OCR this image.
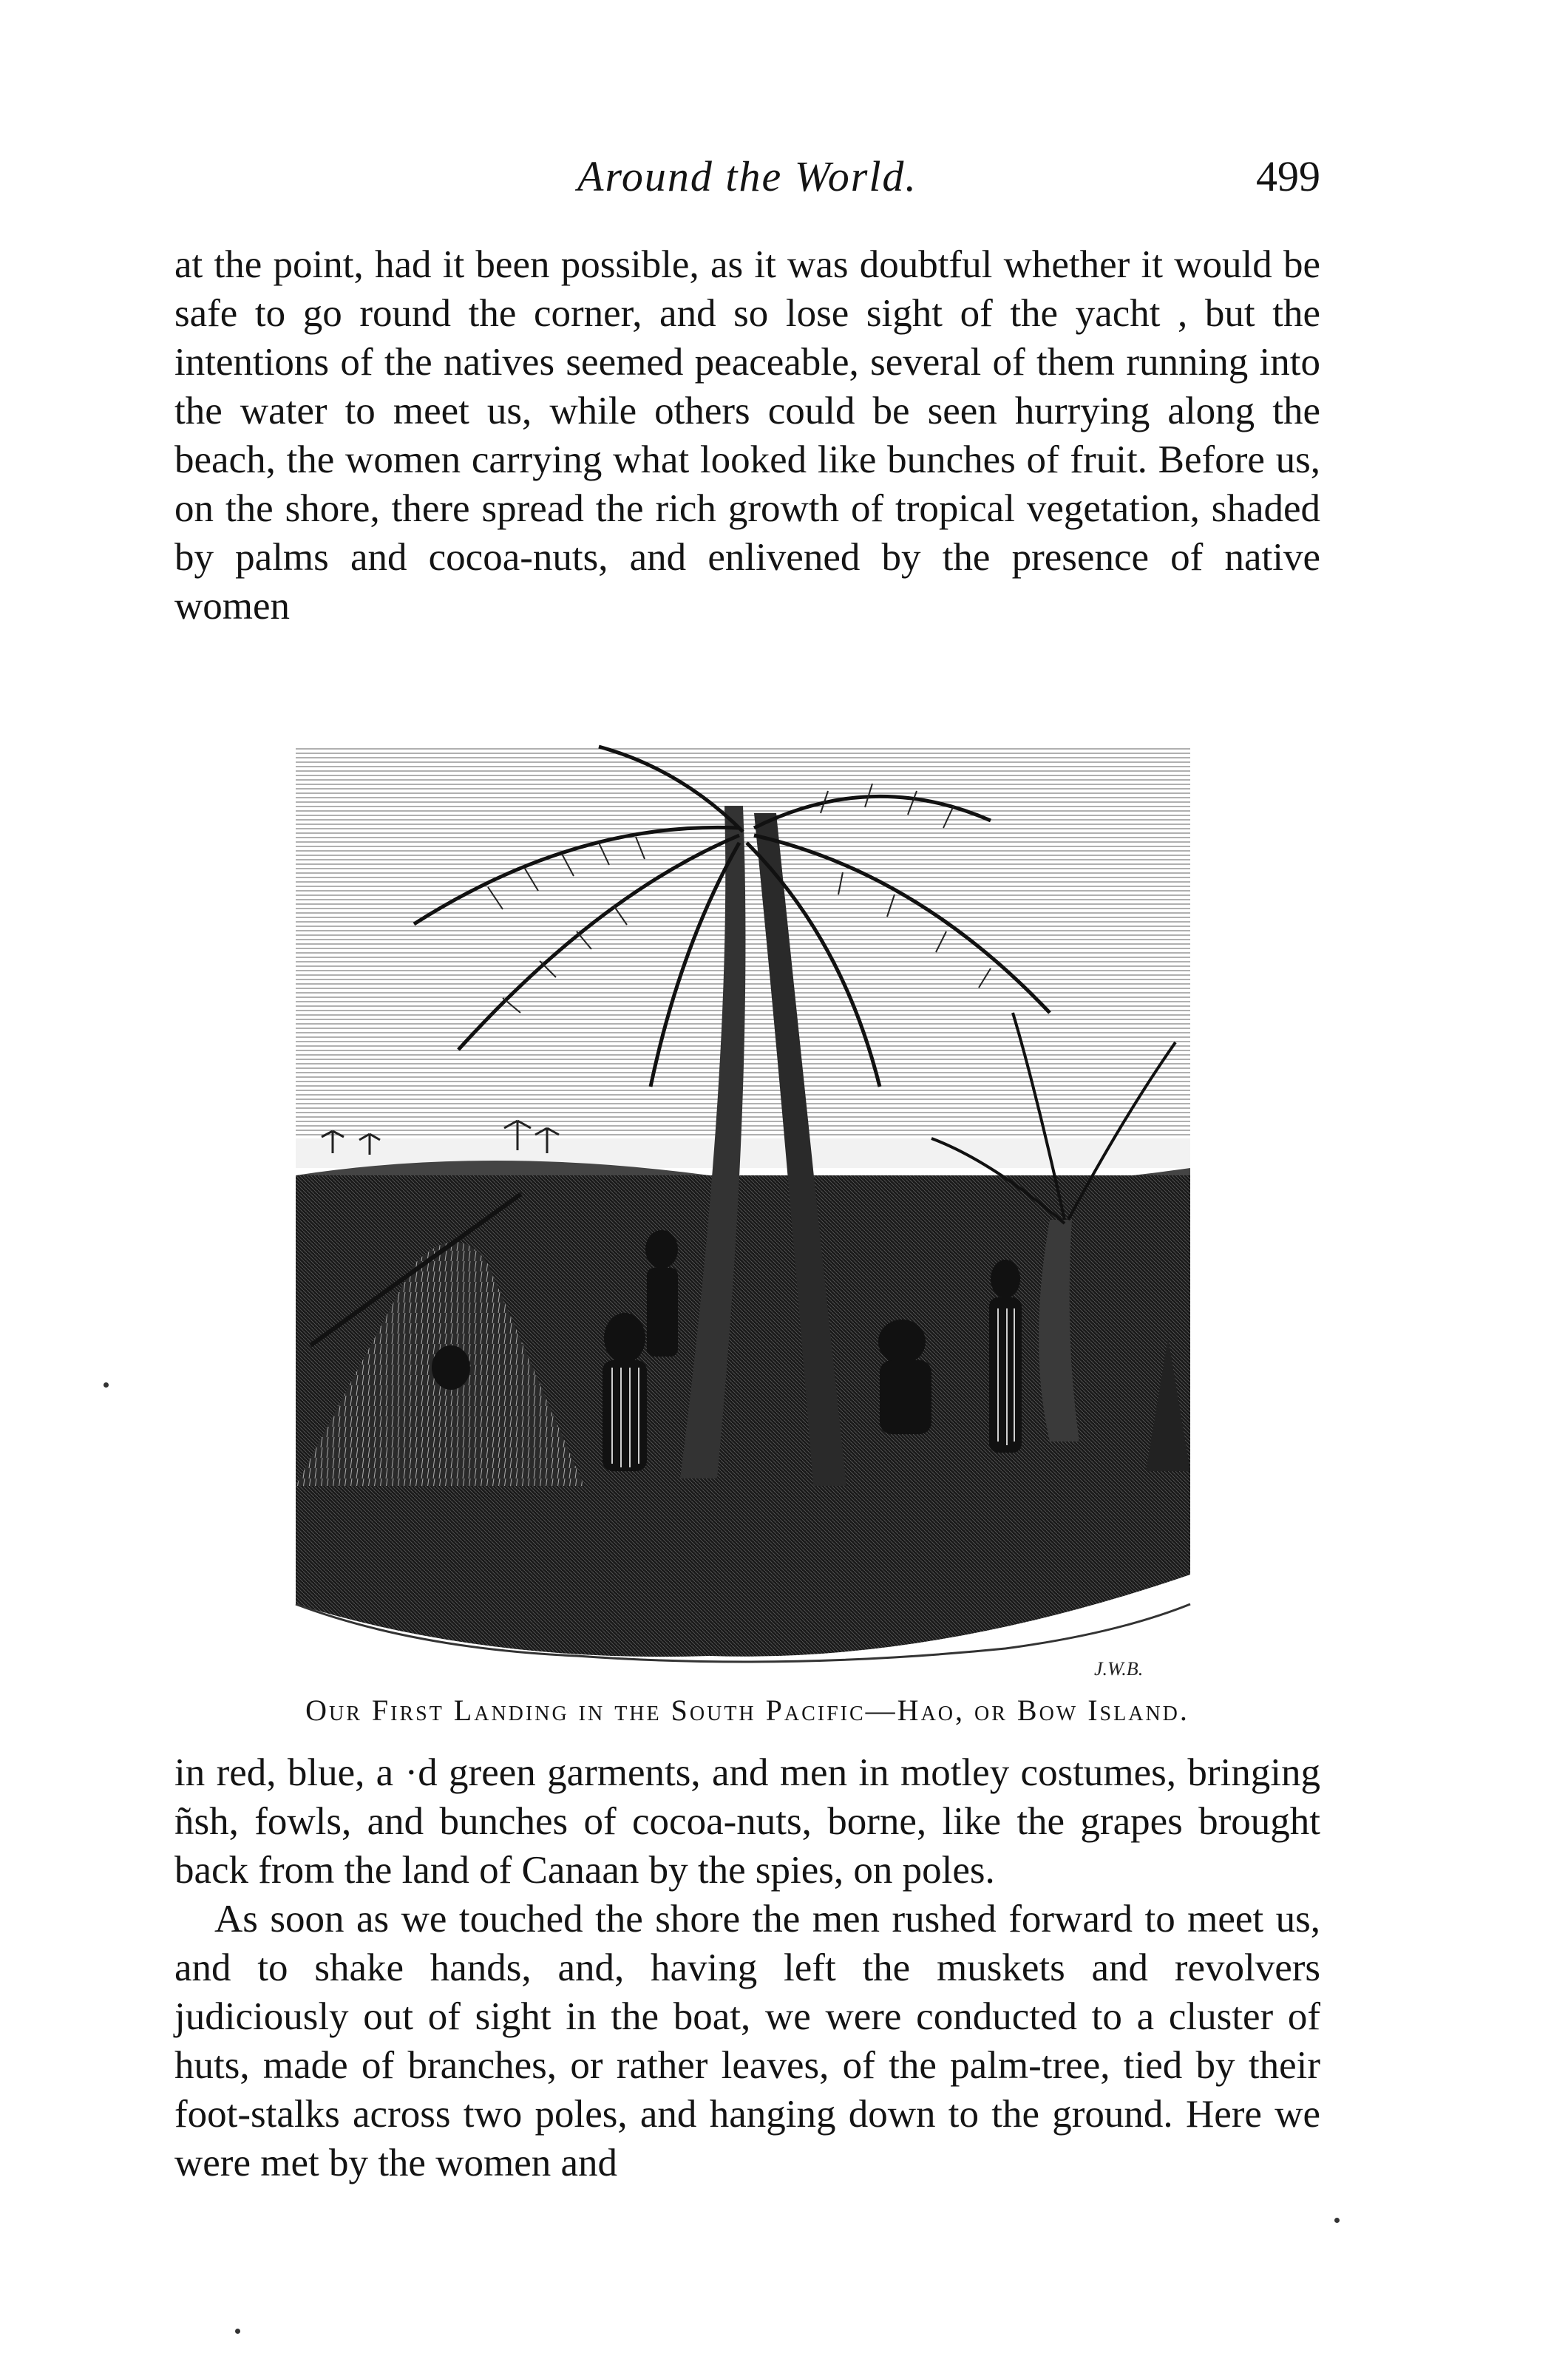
Around the World.	499

at the point, had it been possible, as it was doubtful whether it would be safe to go round the corner, and so lose sight of the yacht , but the intentions of the natives seemed peaceable, several of them running into the water to meet us, while others could be seen hurrying along the beach, the women carrying what looked like bunches of fruit. Before us, on the shore, there spread the rich growth of tropical vegetation, shaded by palms and cocoa-nuts, and enlivened by the presence of native women

J.W.B.
Our First Landing in the South Pacific—Hao, or Bow Island.

in red, blue, a ·d green garments, and men in motley costumes, bringing ñsh, fowls, and bunches of cocoa-nuts, borne, like the grapes brought back from the land of Canaan by the spies, on poles.

As soon as we touched the shore the men rushed forward to meet us, and to shake hands, and, having left the muskets and revolvers judiciously out of sight in the boat, we were conducted to a cluster of huts, made of branches, or rather leaves, of the palm-tree, tied by their foot-stalks across two poles, and hanging down to the ground. Here we were met by the women and
